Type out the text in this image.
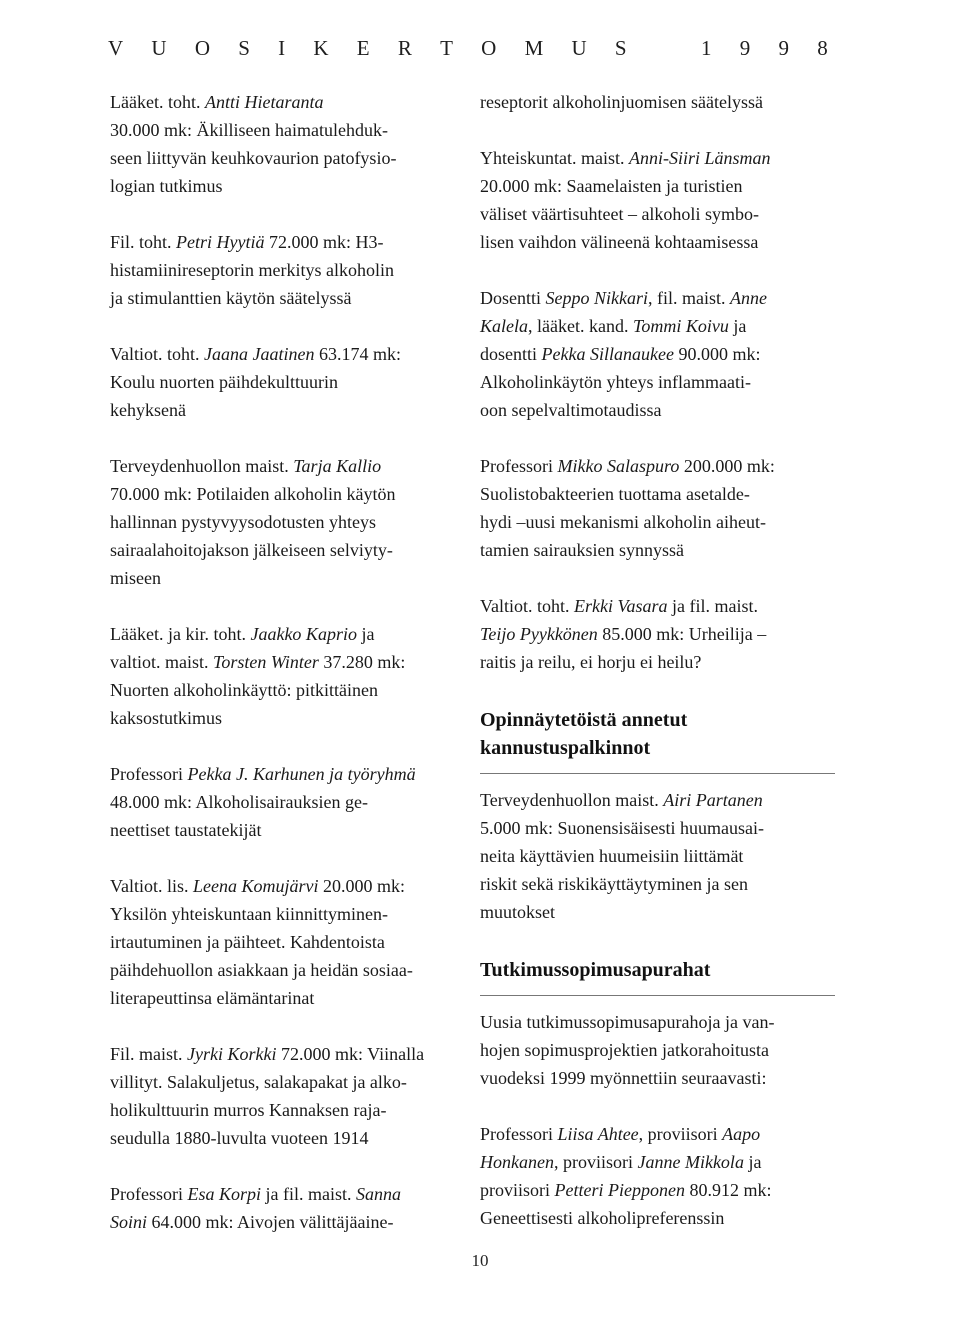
V U O S I K E R T O M U S	1 9 9 8
Lääket. toht. Antti Hietaranta
30.000 mk: Äkilliseen haimatulehduk-
seen liittyvän keuhkovaurion patofysio-
logian tutkimus
Fil. toht. Petri Hyytiä 72.000 mk: H3-
histamiinireseptorin merkitys alkoholin
ja stimulanttien käytön säätelyssä
Valtiot. toht. Jaana Jaatinen 63.174 mk:
Koulu nuorten päihdekulttuurin
kehyksenä
Terveydenhuollon maist. Tarja Kallio
70.000 mk: Potilaiden alkoholin käytön
hallinnan pystyvyysodotusten yhteys
sairaalahoitojakson jälkeiseen selviyty-
miseen
Lääket. ja kir. toht. Jaakko Kaprio ja
valtiot. maist. Torsten Winter 37.280 mk:
Nuorten alkoholinkäyttö: pitkittäinen
kaksostutkimus
Professori Pekka J. Karhunen ja työryhmä
48.000 mk: Alkoholisairauksien ge-
neettiset taustatekijät
Valtiot. lis. Leena Komujärvi 20.000 mk:
Yksilön yhteiskuntaan kiinnittyminen-
irtautuminen ja päihteet. Kahdentoista
päihdehuollon asiakkaan ja heidän sosiaa-
literapeuttinsa elämäntarinat
Fil. maist. Jyrki Korkki 72.000 mk: Viinalla
villityt. Salakuljetus, salakapakat ja alko-
holikulttuurin murros Kannaksen raja-
seudulla 1880-luvulta vuoteen 1914
Professori Esa Korpi ja fil. maist. Sanna
Soini 64.000 mk: Aivojen välittäjäaine-
reseptorit alkoholinjuomisen säätelyssä
Yhteiskuntat. maist. Anni-Siiri Länsman
20.000 mk: Saamelaisten ja turistien
väliset väärtisuhteet – alkoholi symbo-
lisen vaihdon välineenä kohtaamisessa
Dosentti Seppo Nikkari, fil. maist. Anne
Kalela, lääket. kand. Tommi Koivu ja
dosentti Pekka Sillanaukee 90.000 mk:
Alkoholinkäytön yhteys inflammaati-
oon sepelvaltimotaudissa
Professori Mikko Salaspuro 200.000 mk:
Suolistobakteerien tuottama asetalde-
hydi –uusi mekanismi alkoholin aiheut-
tamien sairauksien synnyssä
Valtiot. toht. Erkki Vasara ja fil. maist.
Teijo Pyykkönen 85.000 mk: Urheilija –
raitis ja reilu, ei horju ei heilu?
Opinnäytetöistä annetut
kannustuspalkinnot
Terveydenhuollon maist. Airi Partanen
5.000 mk: Suonensisäisesti huumausai-
neita käyttävien huumeisiin liittämät
riskit sekä riskikäyttäytyminen ja sen
muutokset
Tutkimussopimusapurahat
Uusia tutkimussopimusapurahoja ja van-
hojen sopimusprojektien jatkorahoitusta
vuodeksi 1999 myönnettiin seuraavasti:
Professori Liisa Ahtee, proviisori Aapo
Honkanen, proviisori Janne Mikkola ja
proviisori Petteri Piepponen 80.912 mk:
Geneettisesti alkoholipreferenssin
10
